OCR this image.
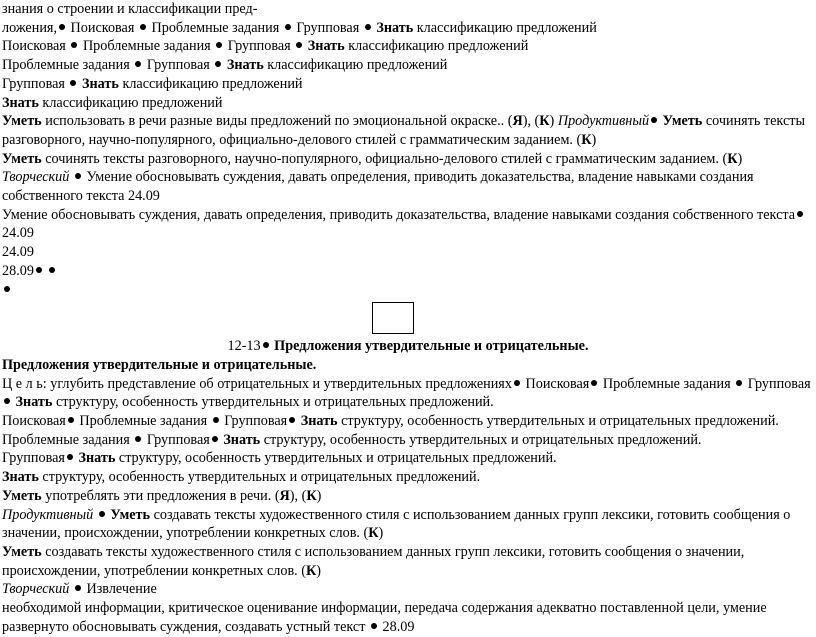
знания о строении и классификации пред-
ложения, Поисковая Проблемные задания Групповая Знать классификацию предложений
Поисковая Проблемные задания Групповая Знать классификацию предложений
Проблемные задания Групповая Знать классификацию предложений
Групповая Знать классификацию предложений
Знать классификацию предложений
Уметь использовать в речи разные виды предложений по эмоциональной окраске.. (Я), (К) Продуктивный Уметь сочинять тексты разговорного, научно-популярного, официально-делового стилей с грамматическим заданием. (К)
Уметь сочинять тексты разговорного, научно-популярного, официально-делового стилей с грамматическим заданием. (К)
Творческий Умение обосновывать суждения, давать определения, приводить доказательства, владение навыками создания собственного текста 24.09
Умение обосновывать суждения, давать определения, приводить доказательства, владение навыками создания собственного текста 24.09
24.09
28.09
12-13 Предложения утвердительные и отрицательные.
Предложения утвердительные и отрицательные.
Ц е л ь: углубить представление об отрицательных и утвердительных предложениях Поисковая Проблемные задания Групповая Знать структуру, особенность утвердительных и отрицательных предложений.
Поисковая Проблемные задания Групповая Знать структуру, особенность утвердительных и отрицательных предложений.
Проблемные задания Групповая Знать структуру, особенность утвердительных и отрицательных предложений.
Групповая Знать структуру, особенность утвердительных и отрицательных предложений.
Знать структуру, особенность утвердительных и отрицательных предложений.
Уметь употреблять эти предложения в речи. (Я), (К)
Продуктивный Уметь создавать тексты художественного стиля с использованием данных групп лексики, готовить сообщения о значении, происхождении, употреблении конкретных слов. (К)
Уметь создавать тексты художественного стиля с использованием данных групп лексики, готовить сообщения о значении, происхождении, употреблении конкретных слов. (К)
Творческий Извлечение
необходимой информации, критическое оценивание информации, передача содержания адекватно поставленной цели, умение развернуто обосновывать суждения, создавать устный текст 28.09
